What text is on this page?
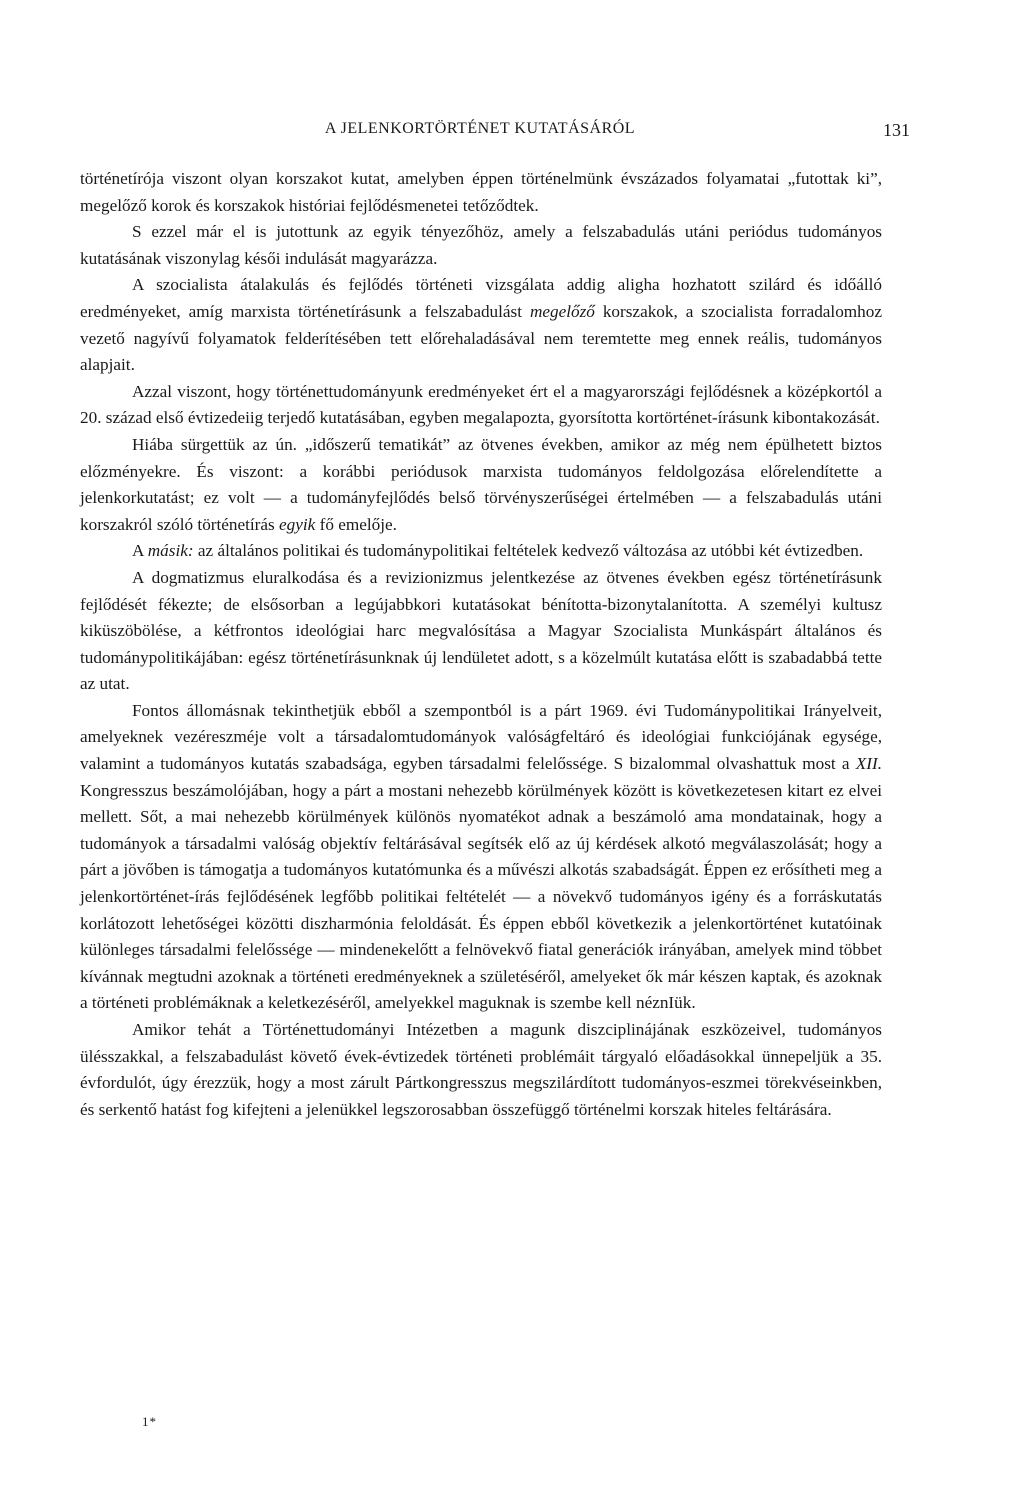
A JELENKORTÖRTÉNET KUTATÁSÁRÓL	131

történetírója viszont olyan korszakot kutat, amelyben éppen történelmünk évszázados folyamatai „futottak ki”, megelőző korok és korszakok históriai fejlődésmenetei tetőződtek.

S ezzel már el is jutottunk az egyik tényezőhöz, amely a felszabadulás utáni periódus tudományos kutatásának viszonylag késői indulását magyarázza.

A szocialista átalakulás és fejlődés történeti vizsgálata addig aligha hozhatott szilárd és időálló eredményeket, amíg marxista történetírásunk a felszabadulást megelőző korszakok, a szocialista forradalomhoz vezető nagyívű folyamatok felderítésében tett előrehaladásával nem teremtette meg ennek reális, tudományos alapjait.

Azzal viszont, hogy történettudományunk eredményeket ért el a magyarországi fejlődésnek a középkortól a 20. század első évtizedeiig terjedő kutatásában, egyben megalapozta, gyorsította kortörténet-írásunk kibontakozását.

Hiába sürgettük az ún. „időszerű tematikát” az ötvenes években, amikor az még nem épülhetett biztos előzményekre. És viszont: a korábbi periódusok marxista tudományos feldolgozása előrelendítette a jelenkorkutatást; ez volt — a tudományfejlődés belső törvényszerűségei értelmében — a felszabadulás utáni korszakról szóló történetírás egyik fő emelője.

A másik: az általános politikai és tudománypolitikai feltételek kedvező változása az utóbbi két évtizedben.

A dogmatizmus eluralkodása és a revizionizmus jelentkezése az ötvenes években egész történetírásunk fejlődését fékezte; de elsősorban a legújabbkori kutatásokat bénította-bizonytalanította. A személyi kultusz kiküszöbölése, a kétfrontos ideológiai harc megvalósítása a Magyar Szocialista Munkáspárt általános és tudománypolitikájában: egész történetírásunknak új lendületet adott, s a közelmúlt kutatása előtt is szabadabbá tette az utat.

Fontos állomásnak tekinthetjük ebből a szempontból is a párt 1969. évi Tudománypolitikai Irányelveit, amelyeknek vezéreszméje volt a társadalomtudományok valóságfeltáró és ideológiai funkciójának egysége, valamint a tudományos kutatás szabadsága, egyben társadalmi felelőssége. S bizalommal olvashattuk most a XII. Kongresszus beszámolójában, hogy a párt a mostani nehezebb körülmények között is következetesen kitart ez elvei mellett. Sőt, a mai nehezebb körülmények különös nyomatékot adnak a beszámoló ama mondatainak, hogy a tudományok a társadalmi valóság objektív feltárásával segítsék elő az új kérdések alkotó megválaszolását; hogy a párt a jövőben is támogatja a tudományos kutatómunka és a művészi alkotás szabadságát. Éppen ez erősítheti meg a jelenkortörténet-írás fejlődésének legfőbb politikai feltételét — a növekvő tudományos igény és a forráskutatás korlátozott lehetőségei közötti diszharmónia feloldását. És éppen ebből következik a jelenkortörténet kutatóinak különleges társadalmi felelőssége — mindenekelőtt a felnövekvő fiatal generációk irányában, amelyek mind többet kívánnak megtudni azoknak a történeti eredményeknek a születéséről, amelyeket ők már készen kaptak, és azoknak a történeti problémáknak a keletkezéséről, amelyekkel maguknak is szembe kell néznIük.

Amikor tehát a Történettudományi Intézetben a magunk diszciplinájának eszközeivel, tudományos ülésszakkal, a felszabadulást követő évek-évtizedek történeti problémáit tárgyaló előadásokkal ünnepeljük a 35. évfordulót, úgy érezzük, hogy a most zárult Pártkongresszus megszilárdított tudományos-eszmei törekvéseinkben, és serkentő hatást fog kifejteni a jelenükkel legszorosabban összefüggő történelmi korszak hiteles feltárására.

1*
